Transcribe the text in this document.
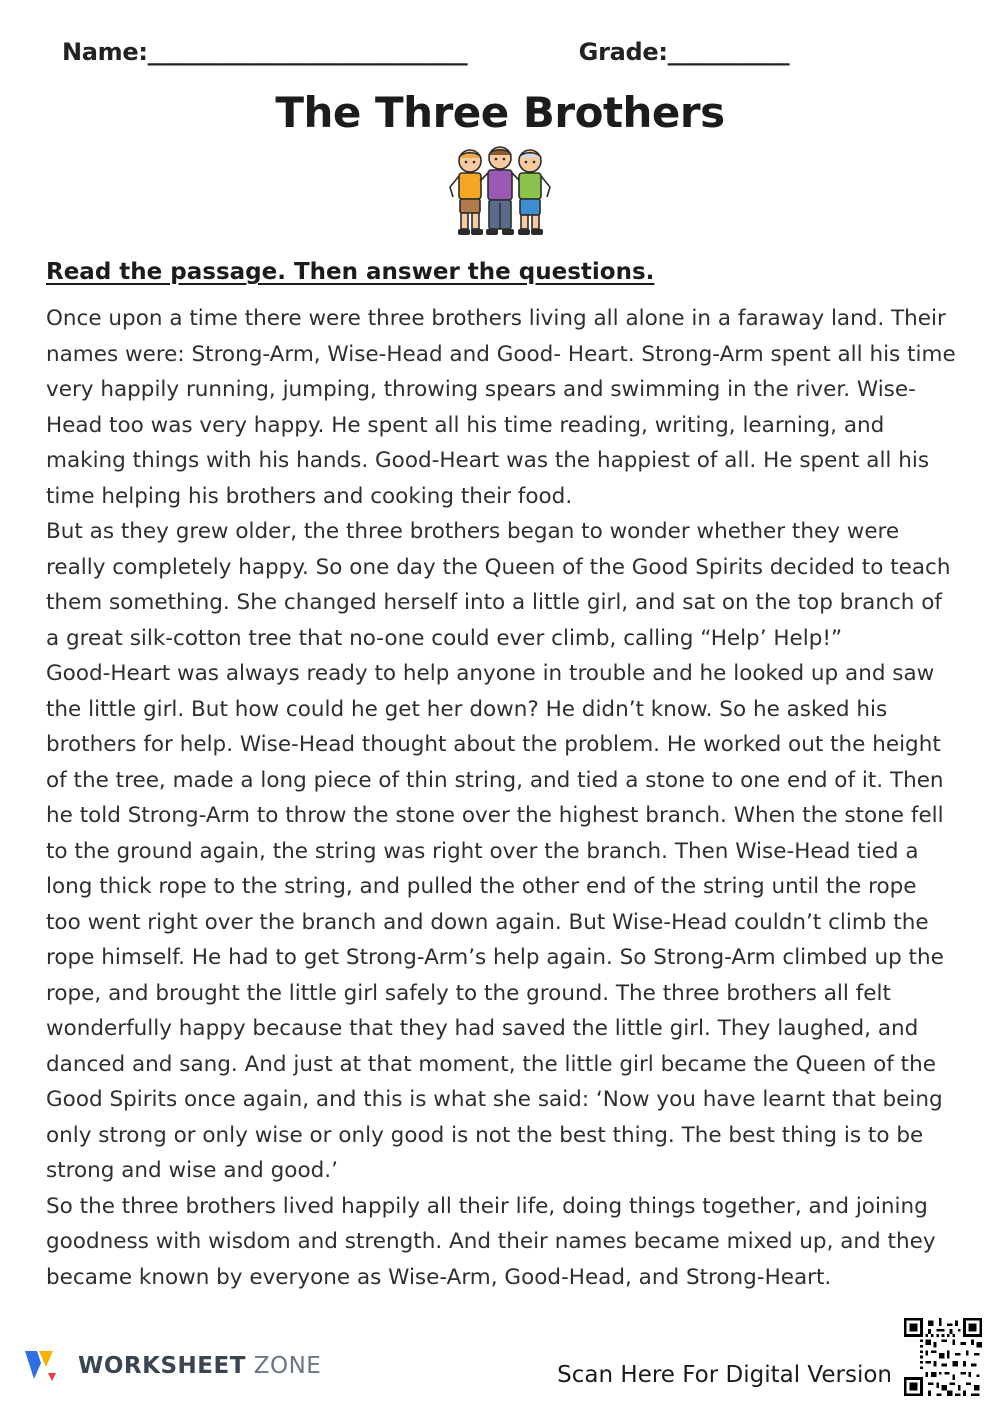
Name:_____________________________	Grade:___________
The Three Brothers
Read the passage. Then answer the questions.

Once upon a time there were three brothers living all alone in a faraway land. Their names were: Strong-Arm, Wise-Head and Good- Heart. Strong-Arm spent all his time very happily running, jumping, throwing spears and swimming in the river. Wise-Head too was very happy. He spent all his time reading, writing, learning, and making things with his hands. Good-Heart was the happiest of all. He spent all his time helping his brothers and cooking their food.

But as they grew older, the three brothers began to wonder whether they were really completely happy. So one day the Queen of the Good Spirits decided to teach them something. She changed herself into a little girl, and sat on the top branch of a great silk-cotton tree that no-one could ever climb, calling “Help’ Help!”

Good-Heart was always ready to help anyone in trouble and he looked up and saw the little girl. But how could he get her down? He didn’t know. So he asked his brothers for help. Wise-Head thought about the problem. He worked out the height of the tree, made a long piece of thin string, and tied a stone to one end of it. Then he told Strong-Arm to throw the stone over the highest branch. When the stone fell to the ground again, the string was right over the branch. Then Wise-Head tied a long thick rope to the string, and pulled the other end of the string until the rope too went right over the branch and down again. But Wise-Head couldn’t climb the rope himself. He had to get Strong-Arm’s help again. So Strong-Arm climbed up the rope, and brought the little girl safely to the ground. The three brothers all felt wonderfully happy because that they had saved the little girl. They laughed, and danced and sang. And just at that moment, the little girl became the Queen of the Good Spirits once again, and this is what she said: ‘Now you have learnt that being only strong or only wise or only good is not the best thing. The best thing is to be strong and wise and good.’

So the three brothers lived happily all their life, doing things together, and joining goodness with wisdom and strength. And their names became mixed up, and they became known by everyone as Wise-Arm, Good-Head, and Strong-Heart.

WORKSHEET ZONE	Scan Here For Digital Version
